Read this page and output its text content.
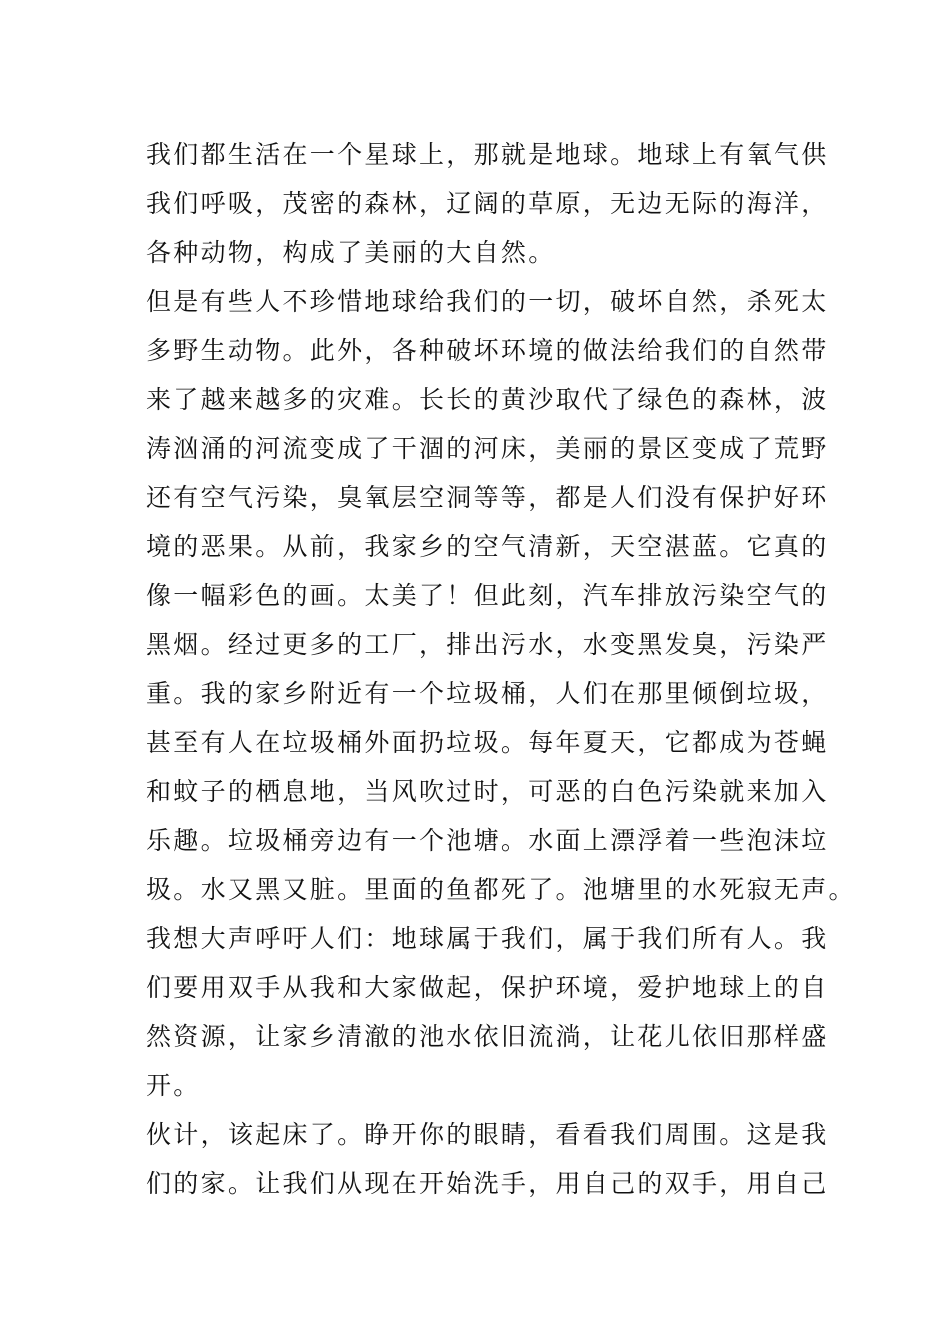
我们都生活在一个星球上，那就是地球。地球上有氧气供
我们呼吸，茂密的森林，辽阔的草原，无边无际的海洋，
各种动物，构成了美丽的大自然。
但是有些人不珍惜地球给我们的一切，破坏自然，杀死太
多野生动物。此外，各种破坏环境的做法给我们的自然带
来了越来越多的灾难。长长的黄沙取代了绿色的森林，波
涛汹涌的河流变成了干涸的河床，美丽的景区变成了荒野
还有空气污染，臭氧层空洞等等，都是人们没有保护好环
境的恶果。从前，我家乡的空气清新，天空湛蓝。它真的
像一幅彩色的画。太美了！但此刻，汽车排放污染空气的
黑烟。经过更多的工厂，排出污水，水变黑发臭，污染严
重。我的家乡附近有一个垃圾桶，人们在那里倾倒垃圾，
甚至有人在垃圾桶外面扔垃圾。每年夏天，它都成为苍蝇
和蚊子的栖息地，当风吹过时，可恶的白色污染就来加入
乐趣。垃圾桶旁边有一个池塘。水面上漂浮着一些泡沫垃
圾。水又黑又脏。里面的鱼都死了。池塘里的水死寂无声。
我想大声呼吁人们：地球属于我们，属于我们所有人。我
们要用双手从我和大家做起，保护环境，爱护地球上的自
然资源，让家乡清澈的池水依旧流淌，让花儿依旧那样盛
开。
伙计，该起床了。睁开你的眼睛，看看我们周围。这是我
们的家。让我们从现在开始洗手，用自己的双手，用自己
